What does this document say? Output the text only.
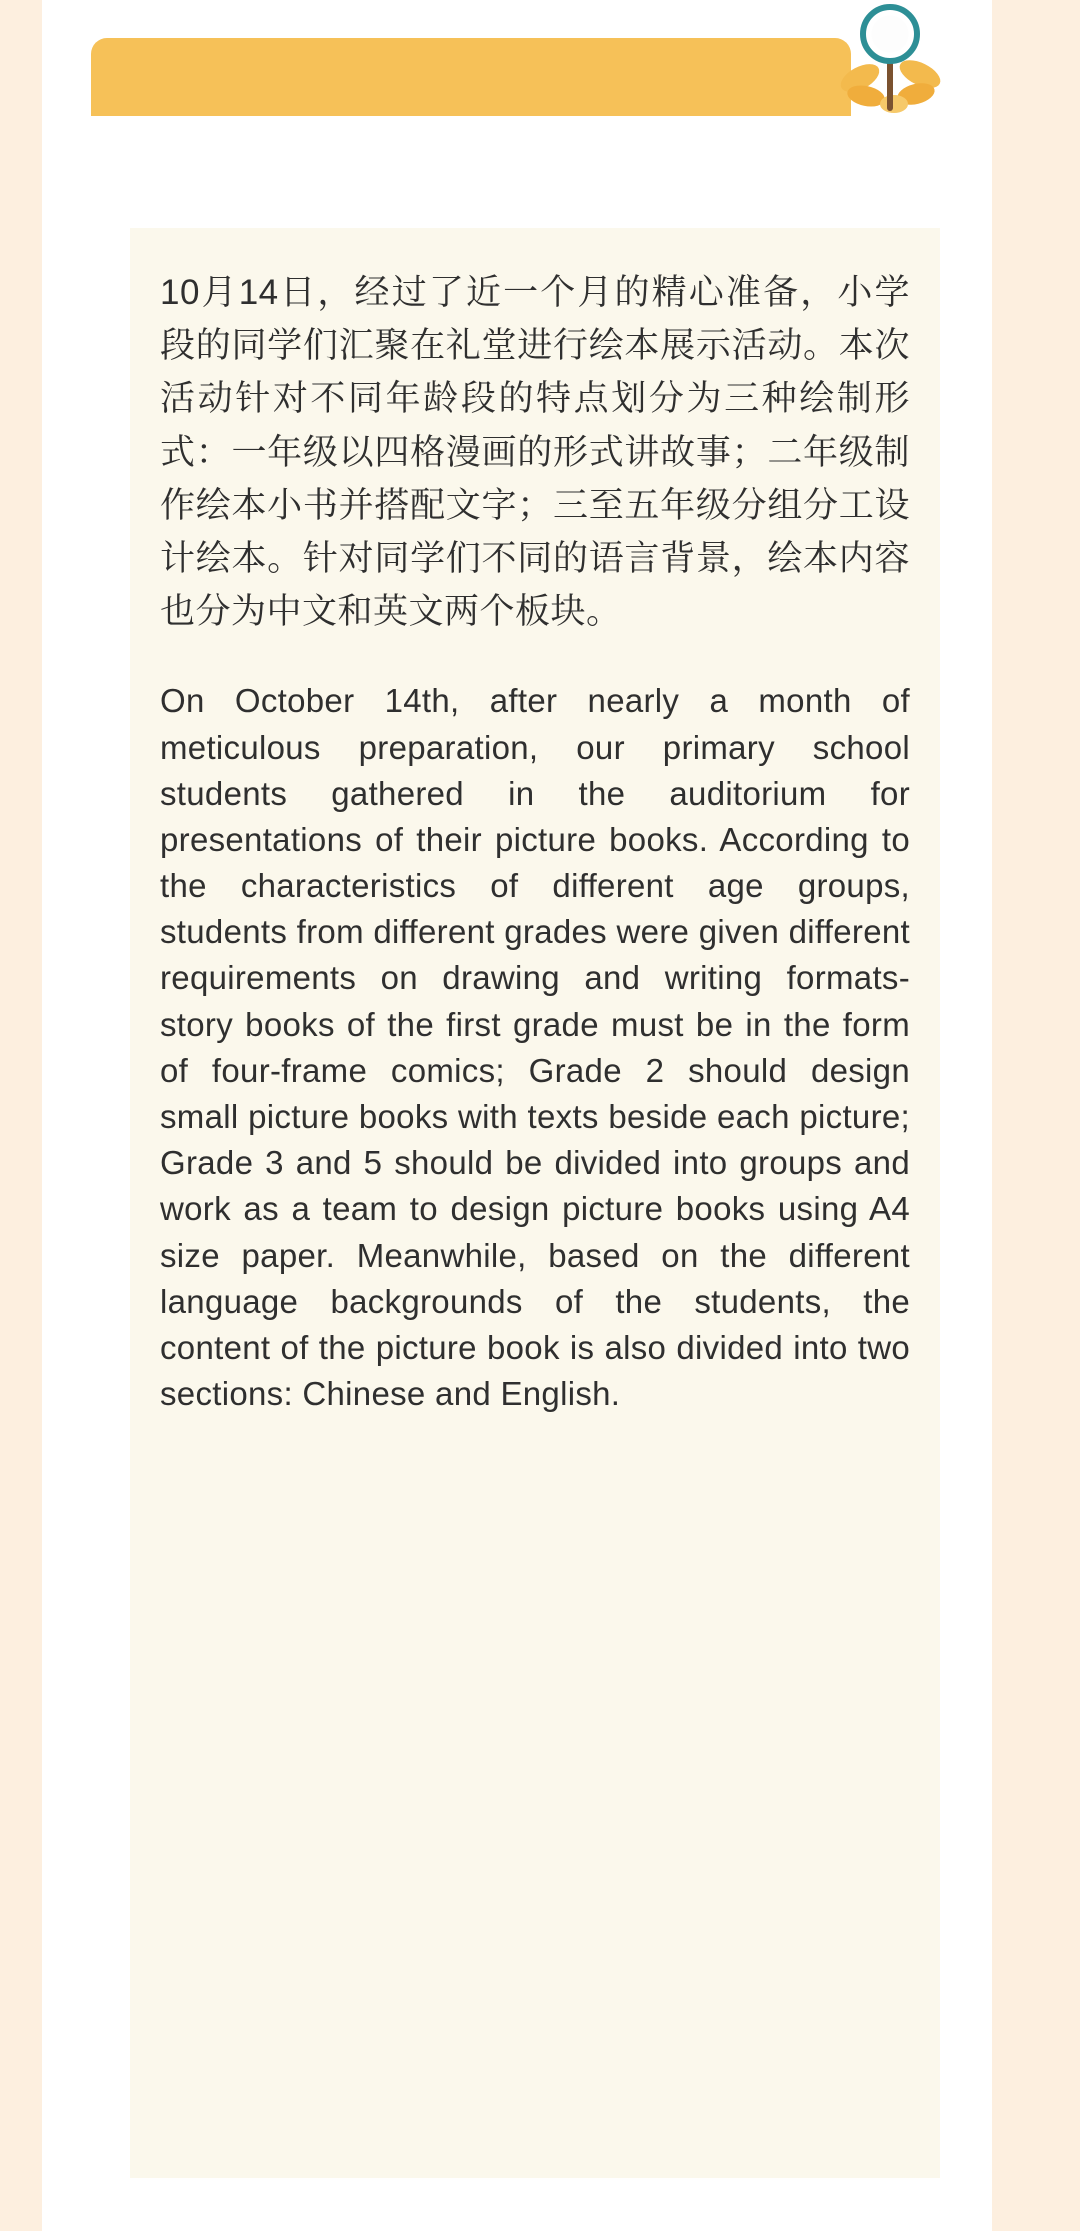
10月14日，经过了近一个月的精心准备，小学段的同学们汇聚在礼堂进行绘本展示活动。本次活动针对不同年龄段的特点划分为三种绘制形式：一年级以四格漫画的形式讲故事；二年级制作绘本小书并搭配文字；三至五年级分组分工设计绘本。针对同学们不同的语言背景，绘本内容也分为中文和英文两个板块。

On October 14th, after nearly a month of meticulous preparation, our primary school students gathered in the auditorium for presentations of their picture books. According to the characteristics of different age groups, students from different grades were given different requirements on drawing and writing formats- story books of the first grade must be in the form of four-frame comics; Grade 2 should design small picture books with texts beside each picture; Grade 3 and 5 should be divided into groups and work as a team to design picture books using A4 size paper. Meanwhile, based on the different language backgrounds of the students, the content of the picture book is also divided into two sections: Chinese and English.
